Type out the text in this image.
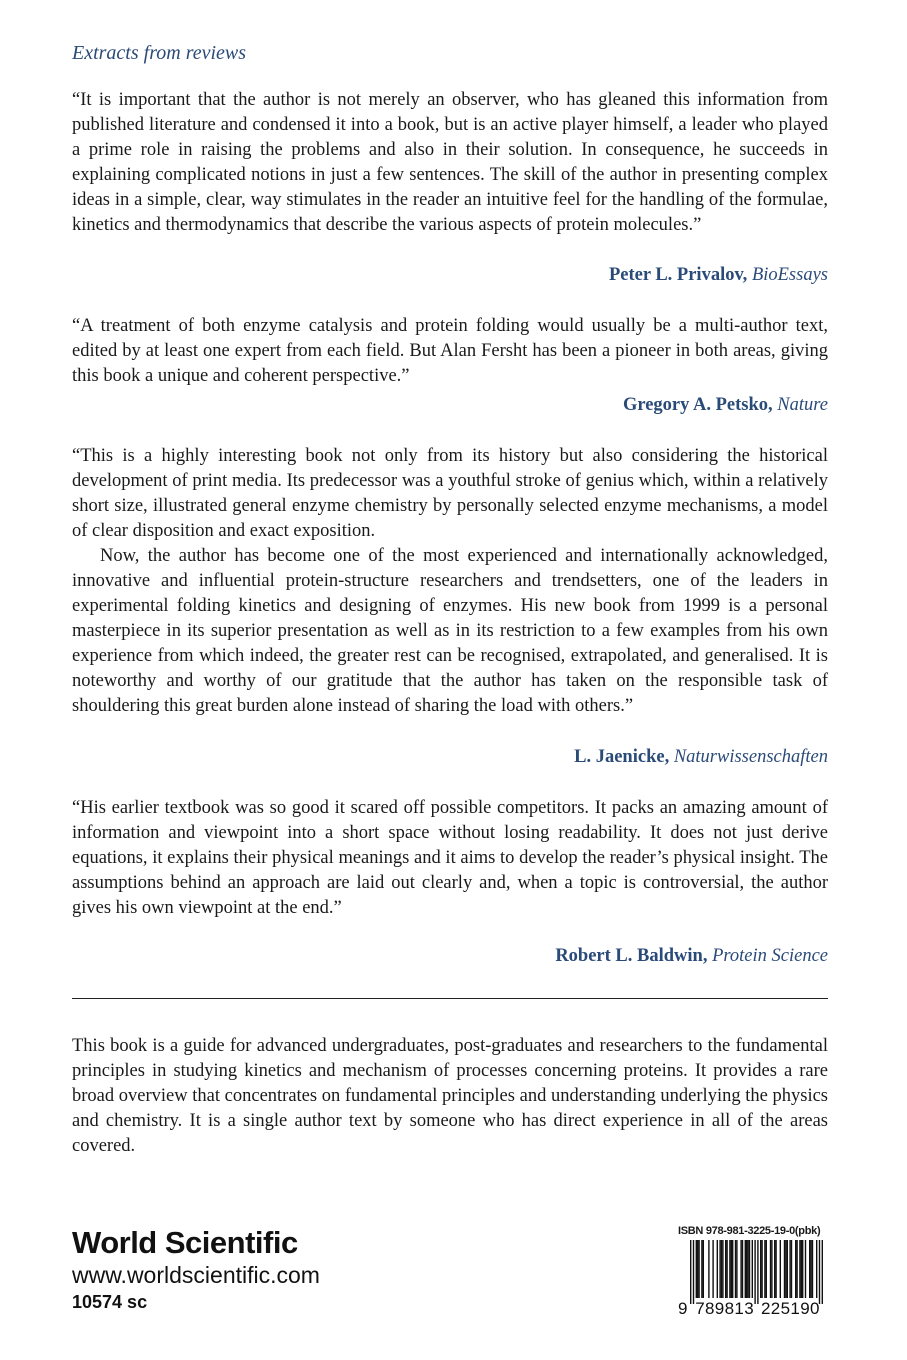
Extracts from reviews

“It is important that the author is not merely an observer, who has gleaned this information from published literature and condensed it into a book, but is an active player himself, a leader who played a prime role in raising the problems and also in their solution. In consequence, he succeeds in explaining complicated notions in just a few sentences. The skill of the author in presenting complex ideas in a simple, clear, way stimulates in the reader an intuitive feel for the handling of the formulae, kinetics and thermodynamics that describe the various aspects of protein molecules.”

Peter L. Privalov, BioEssays

“A treatment of both enzyme catalysis and protein folding would usually be a multi-author text, edited by at least one expert from each field. But Alan Fersht has been a pioneer in both areas, giving this book a unique and coherent perspective.”

Gregory A. Petsko, Nature

“This is a highly interesting book not only from its history but also considering the historical development of print media. Its predecessor was a youthful stroke of genius which, within a relatively short size, illustrated general enzyme chemistry by personally selected enzyme mechanisms, a model of clear disposition and exact exposition.

Now, the author has become one of the most experienced and internationally acknowledged, innovative and influential protein-structure researchers and trendsetters, one of the leaders in experimental folding kinetics and designing of enzymes. His new book from 1999 is a personal masterpiece in its superior presentation as well as in its restriction to a few examples from his own experience from which indeed, the greater rest can be recognised, extrapolated, and generalised. It is noteworthy and worthy of our gratitude that the author has taken on the responsible task of shouldering this great burden alone instead of sharing the load with others.”

L. Jaenicke, Naturwissenschaften

“His earlier textbook was so good it scared off possible competitors. It packs an amazing amount of information and viewpoint into a short space without losing readability. It does not just derive equations, it explains their physical meanings and it aims to develop the reader’s physical insight. The assumptions behind an approach are laid out clearly and, when a topic is controversial, the author gives his own viewpoint at the end.”

Robert L. Baldwin, Protein Science
This book is a guide for advanced undergraduates, post-graduates and researchers to the fundamental principles in studying kinetics and mechanism of processes concerning proteins. It provides a rare broad overview that concentrates on fundamental principles and understanding underlying the physics and chemistry. It is a single author text by someone who has direct experience in all of the areas covered.
World Scientific
www.worldscientific.com
10574 sc
ISBN 978-981-3225-19-0(pbk)
9 7 8 9 8 1 3 2 2 5 1 9 0
